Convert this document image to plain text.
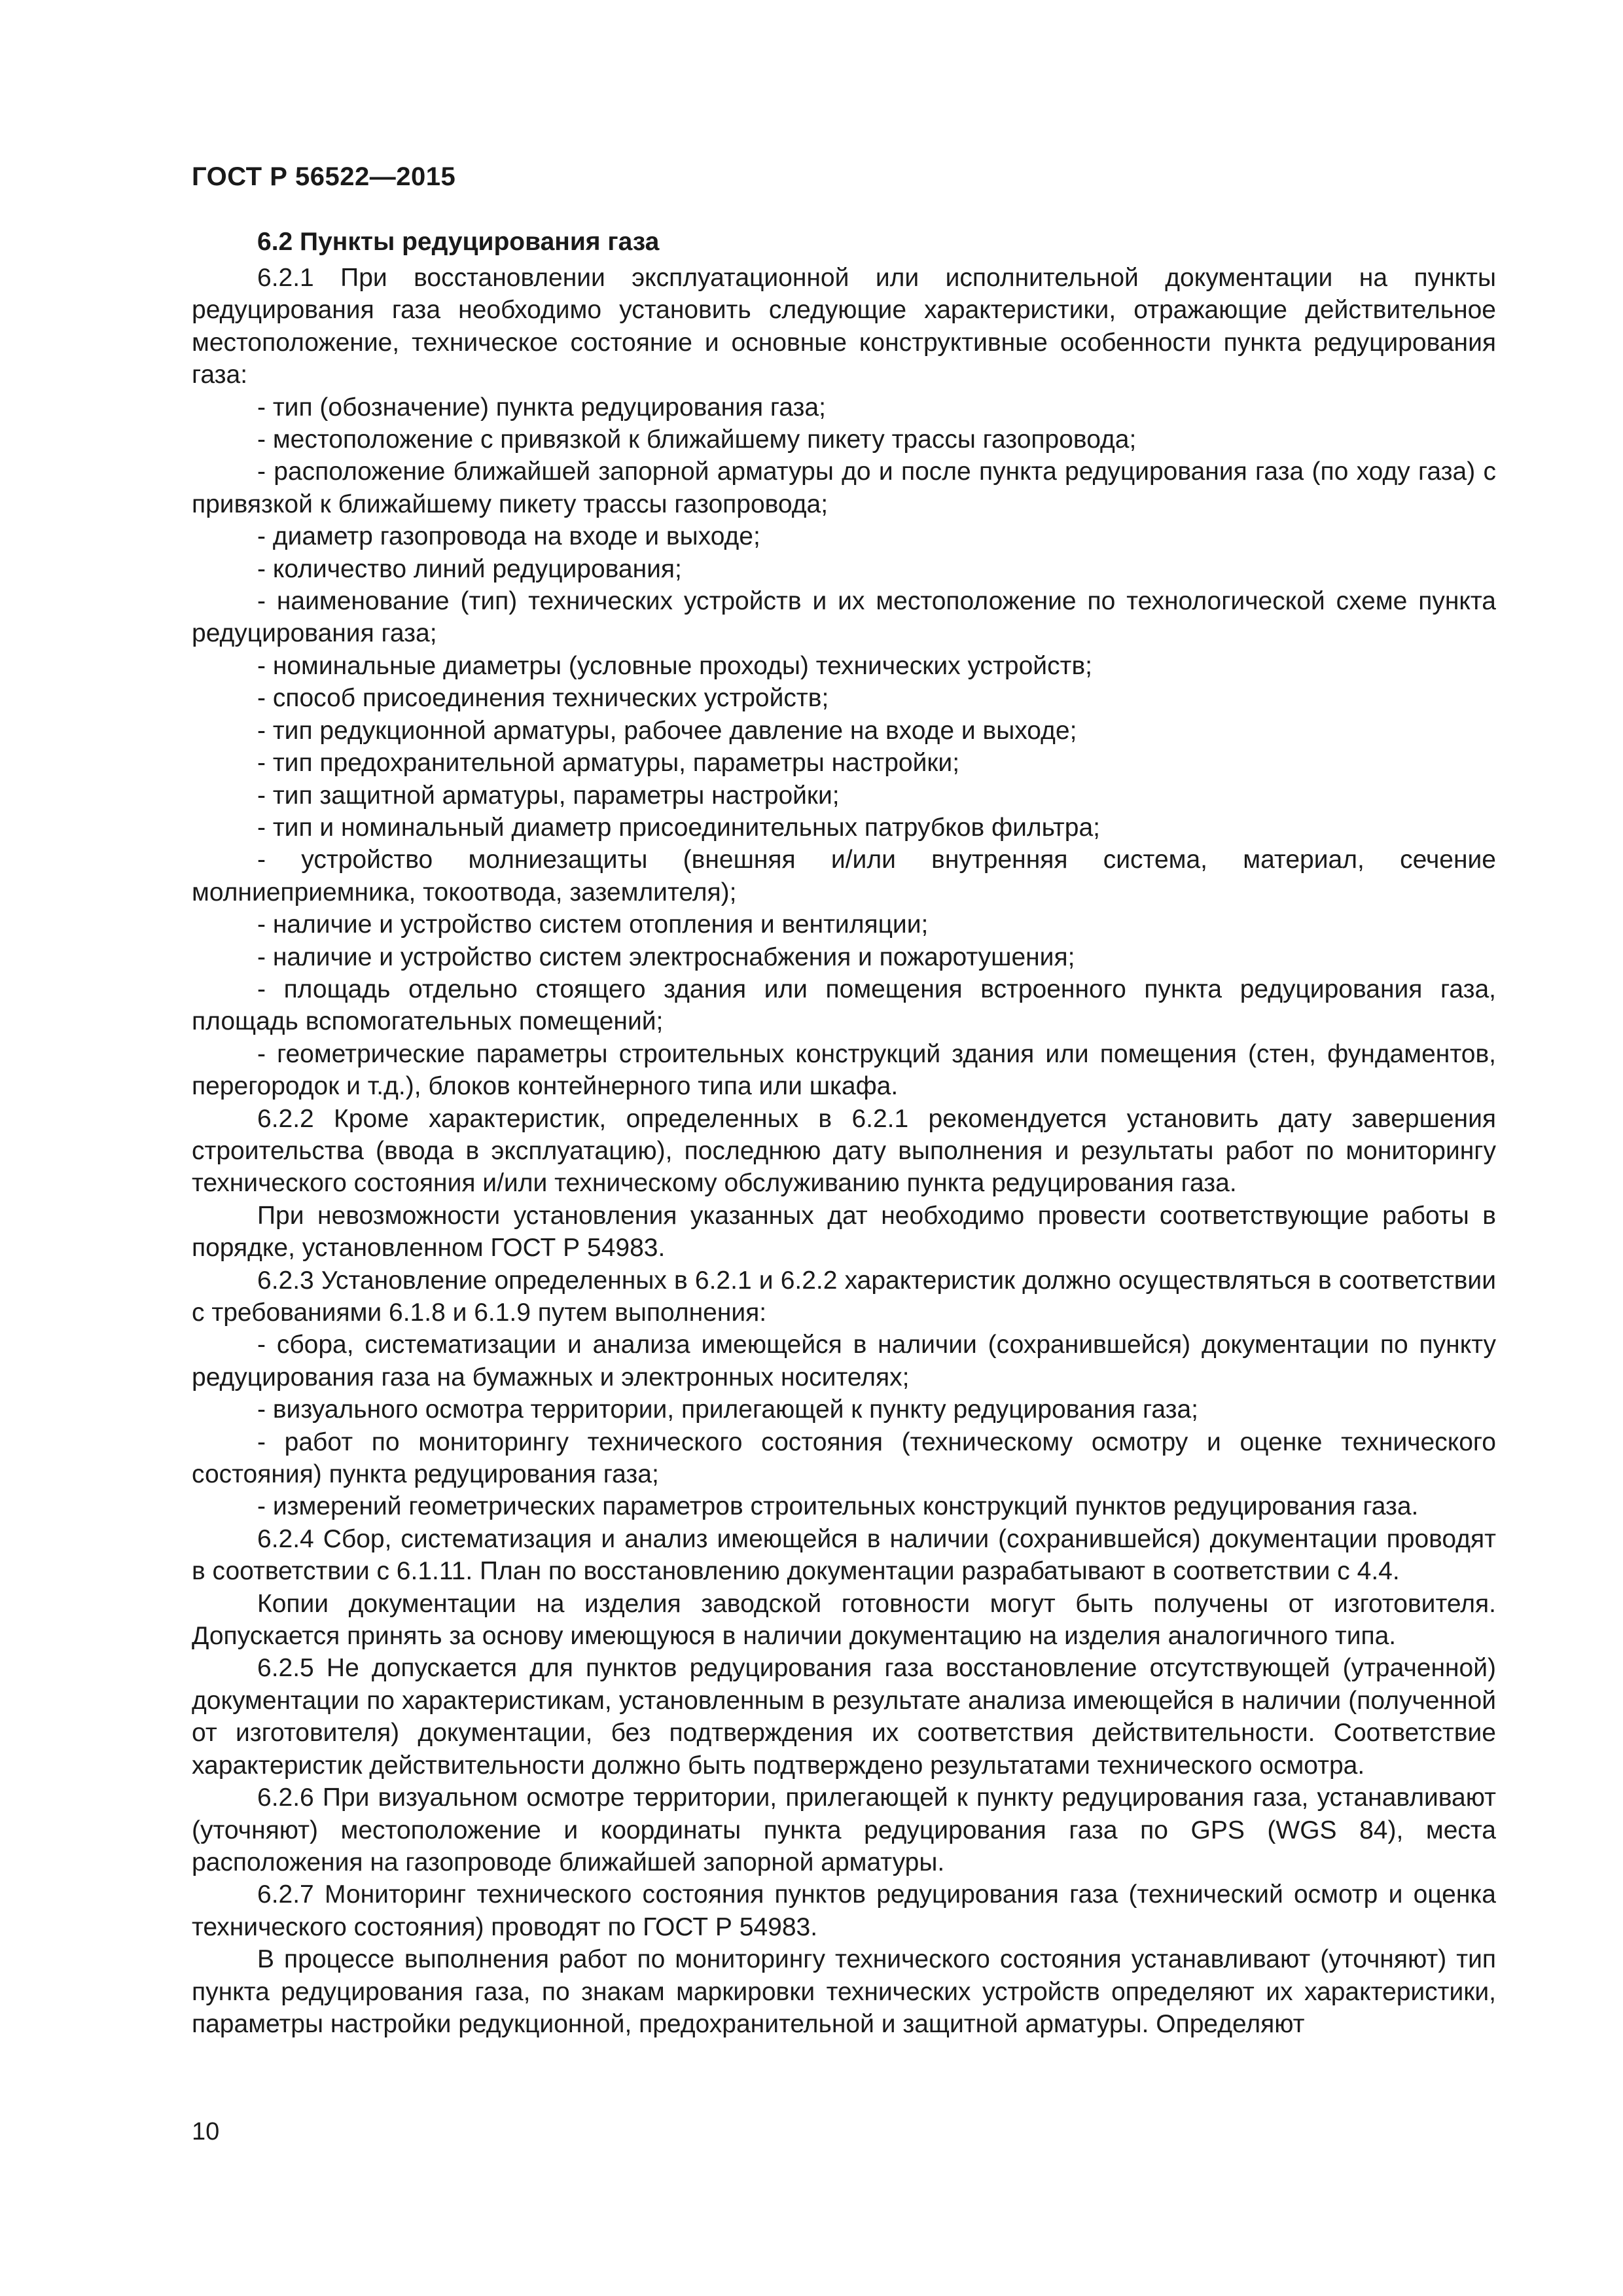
ГОСТ Р 56522—2015
6.2 Пункты редуцирования газа

6.2.1 При восстановлении эксплуатационной или исполнительной документации на пункты редуцирования газа необходимо установить следующие характеристики, отражающие действительное местоположение, техническое состояние и основные конструктивные особенности пункта редуцирования газа:

- тип (обозначение) пункта редуцирования газа;

- местоположение с привязкой к ближайшему пикету трассы газопровода;

- расположение ближайшей запорной арматуры до и после пункта редуцирования газа (по ходу газа) с привязкой к ближайшему пикету трассы газопровода;

- диаметр газопровода на входе и выходе;

- количество линий редуцирования;

- наименование (тип) технических устройств и их местоположение по технологической схеме пункта редуцирования газа;

- номинальные диаметры (условные проходы) технических устройств;

- способ присоединения технических устройств;

- тип редукционной арматуры, рабочее давление на входе и выходе;

- тип предохранительной арматуры, параметры настройки;

- тип защитной арматуры, параметры настройки;

- тип и номинальный диаметр присоединительных патрубков фильтра;

- устройство молниезащиты (внешняя и/или внутренняя система, материал, сечение молниеприемника, токоотвода, заземлителя);

- наличие и устройство систем отопления и вентиляции;

- наличие и устройство систем электроснабжения и пожаротушения;

- площадь отдельно стоящего здания или помещения встроенного пункта редуцирования газа, площадь вспомогательных помещений;

- геометрические параметры строительных конструкций здания или помещения (стен, фундаментов, перегородок и т.д.), блоков контейнерного типа или шкафа.

6.2.2 Кроме характеристик, определенных в 6.2.1 рекомендуется установить дату завершения строительства (ввода в эксплуатацию), последнюю дату выполнения и результаты работ по мониторингу технического состояния и/или техническому обслуживанию пункта редуцирования газа.

При невозможности установления указанных дат необходимо провести соответствующие работы в порядке, установленном ГОСТ Р 54983.

6.2.3 Установление определенных в 6.2.1 и 6.2.2 характеристик должно осуществляться в соответствии с требованиями 6.1.8 и 6.1.9 путем выполнения:

- сбора, систематизации и анализа имеющейся в наличии (сохранившейся) документации по пункту редуцирования газа на бумажных и электронных носителях;

- визуального осмотра территории, прилегающей к пункту редуцирования газа;

- работ по мониторингу технического состояния (техническому осмотру и оценке технического состояния) пункта редуцирования газа;

- измерений геометрических параметров строительных конструкций пунктов редуцирования газа.

6.2.4 Сбор, систематизация и анализ имеющейся в наличии (сохранившейся) документации проводят в соответствии с 6.1.11. План по восстановлению документации разрабатывают в соответствии с 4.4.

Копии документации на изделия заводской готовности могут быть получены от изготовителя. Допускается принять за основу имеющуюся в наличии документацию на изделия аналогичного типа.

6.2.5 Не допускается для пунктов редуцирования газа восстановление отсутствующей (утраченной) документации по характеристикам, установленным в результате анализа имеющейся в наличии (полученной от изготовителя) документации, без подтверждения их соответствия действительности. Соответствие характеристик действительности должно быть подтверждено результатами технического осмотра.

6.2.6 При визуальном осмотре территории, прилегающей к пункту редуцирования газа, устанавливают (уточняют) местоположение и координаты пункта редуцирования газа по GPS (WGS 84), места расположения на газопроводе ближайшей запорной арматуры.

6.2.7 Мониторинг технического состояния пунктов редуцирования газа (технический осмотр и оценка технического состояния) проводят по ГОСТ Р 54983.

В процессе выполнения работ по мониторингу технического состояния устанавливают (уточняют) тип пункта редуцирования газа, по знакам маркировки технических устройств определяют их характеристики, параметры настройки редукционной, предохранительной и защитной арматуры. Определяют

10
